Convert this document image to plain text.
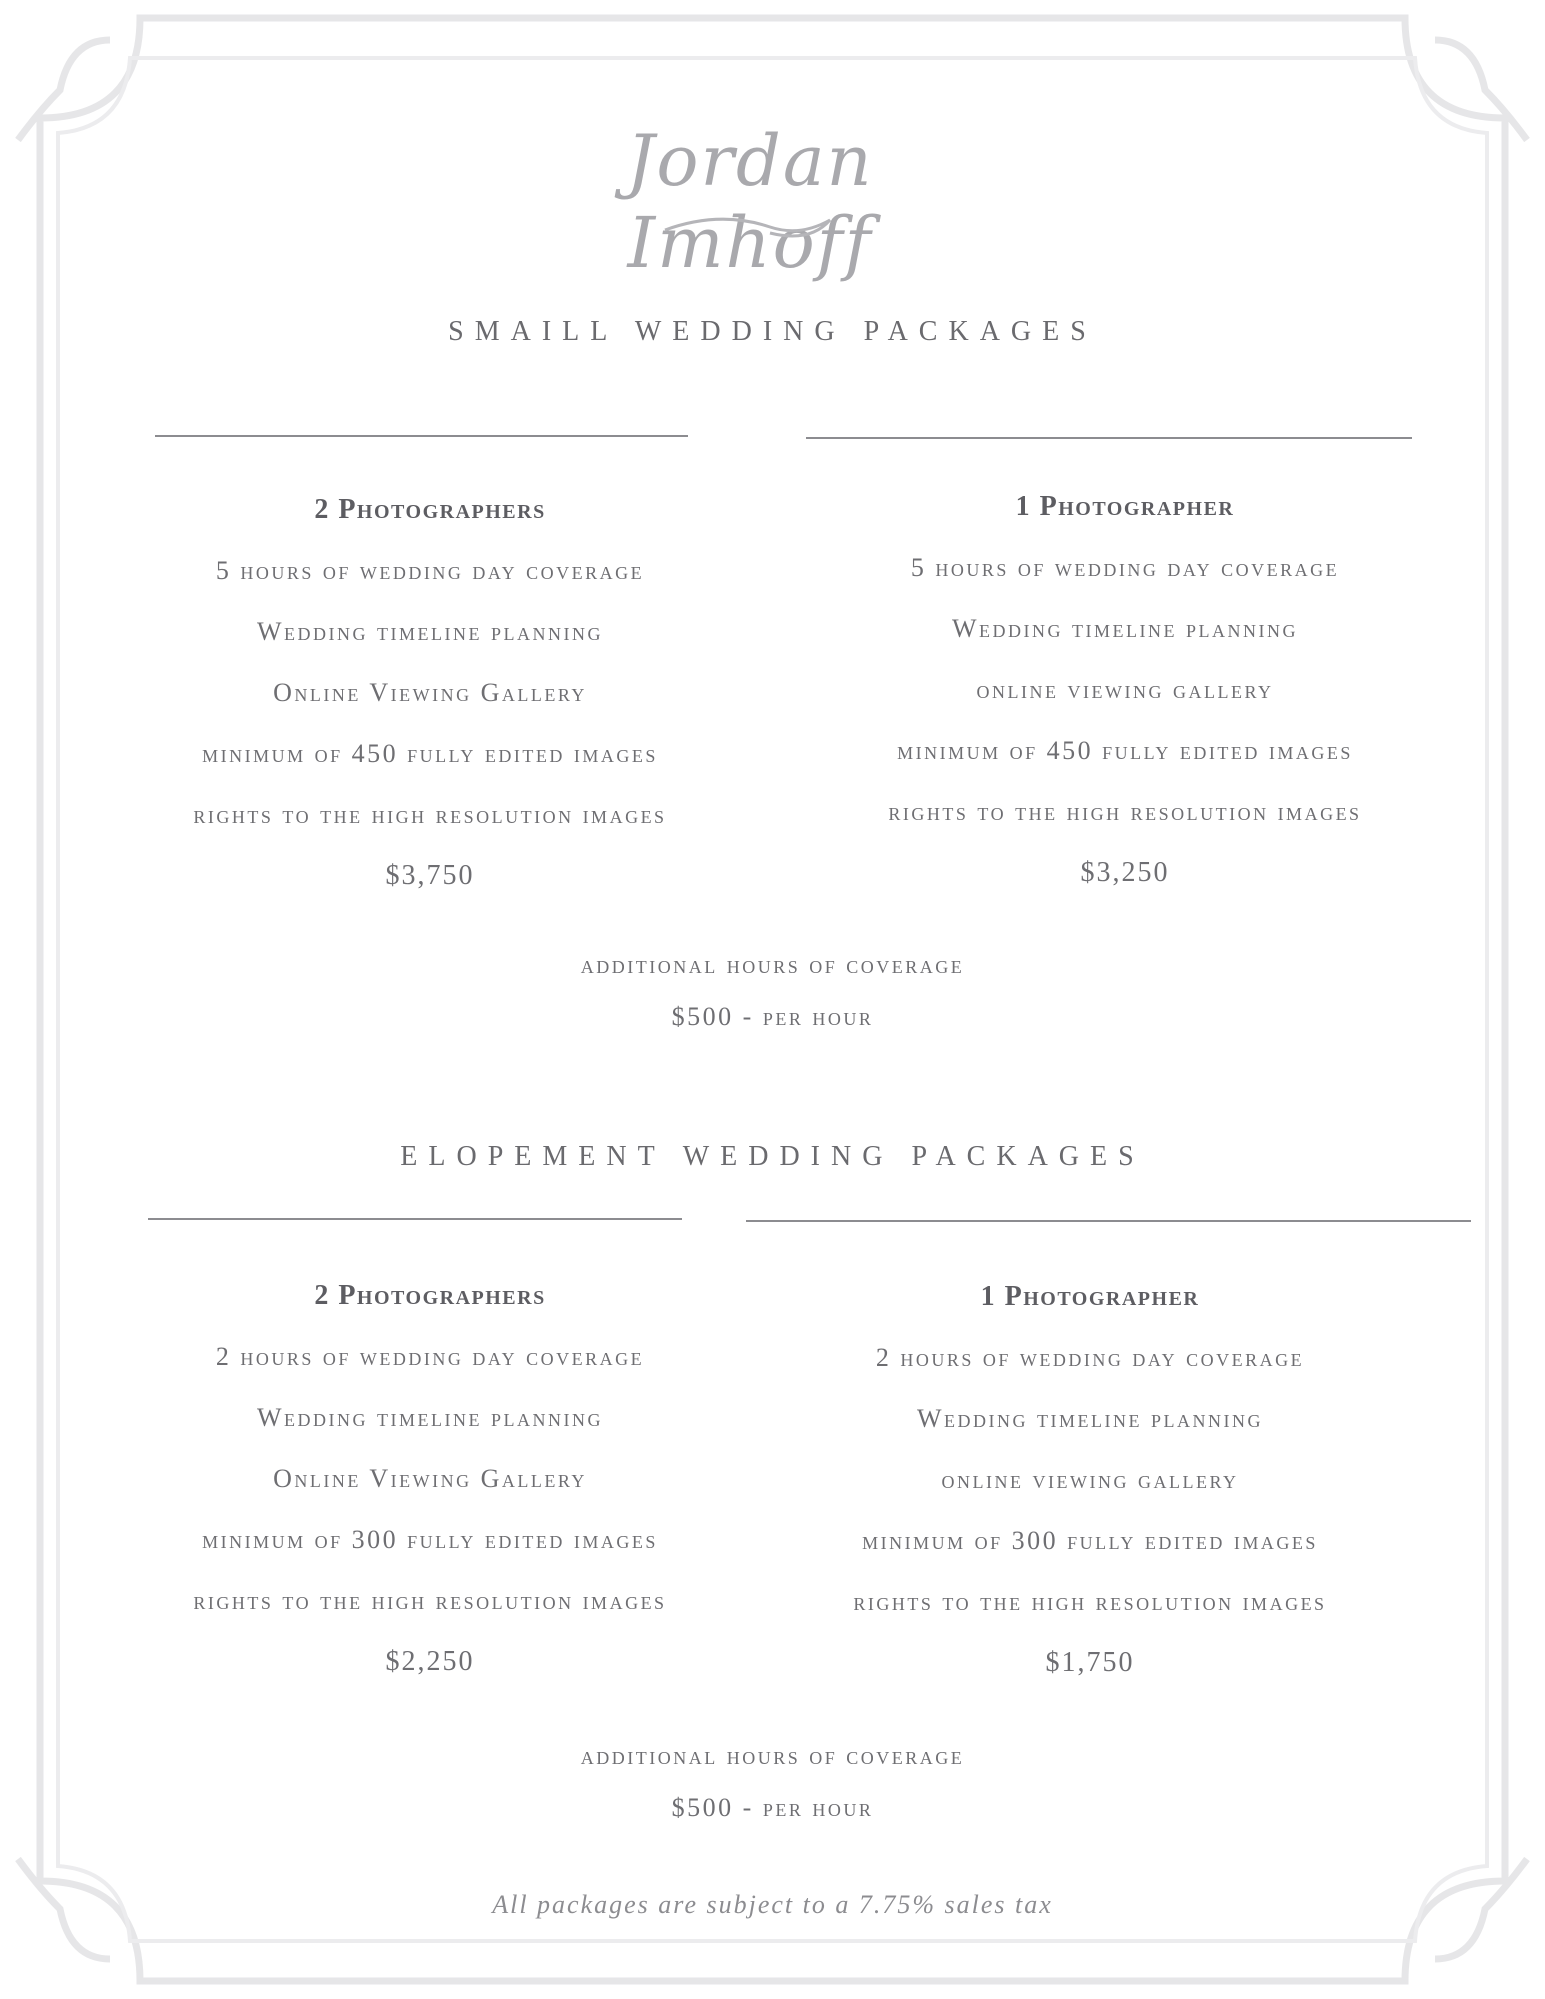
Jordan Imhoff
SMAILL WEDDING PACKAGES
2 Photographers
5 hours of wedding day coverage
Wedding timeline planning
Online Viewing Gallery
minimum of 450 fully edited images
rights to the high resolution images
$3,750
1 Photographer
5 hours of wedding day coverage
Wedding timeline planning
online viewing gallery
minimum of 450 fully edited images
rights to the high resolution images
$3,250
additional hours of coverage
$500 - per hour
ELOPEMENT WEDDING PACKAGES
2 Photographers
2 hours of wedding day coverage
Wedding timeline planning
Online Viewing Gallery
minimum of 300 fully edited images
rights to the high resolution images
$2,250
1 Photographer
2 hours of wedding day coverage
Wedding timeline planning
online viewing gallery
minimum of 300 fully edited images
rights to the high resolution images
$1,750
additional hours of coverage
$500 - per hour
All packages are subject to a 7.75% sales tax
